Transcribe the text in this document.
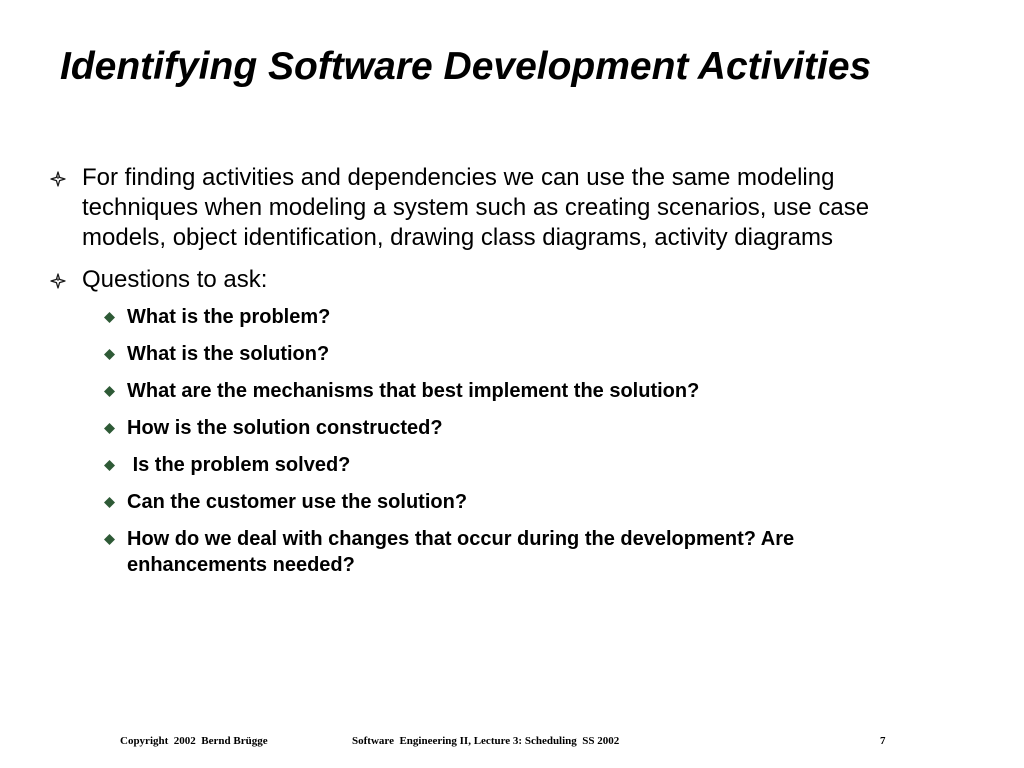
Identifying Software Development Activities
For finding activities and dependencies we can use the same modeling techniques when modeling a system such as creating scenarios, use case models, object identification, drawing class diagrams, activity diagrams
Questions to ask:
What is the problem?
What is the solution?
What are the mechanisms that best implement the solution?
How is the solution constructed?
Is the problem solved?
Can the customer use the solution?
How do we deal with changes that occur during the development? Are enhancements needed?

Copyright  2002  Bernd Brügge

	Software  Engineering II, Lecture 3: Scheduling  SS 2002

	7
